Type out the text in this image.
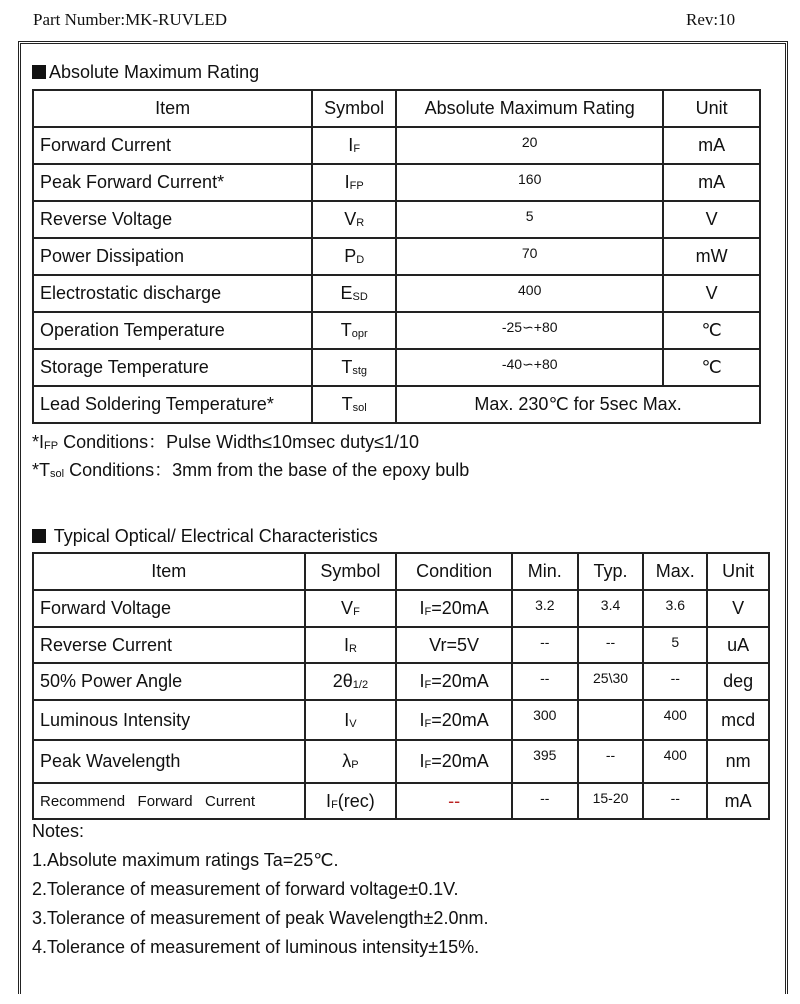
Part Number:MK-RUVLED	Rev:10
Absolute Maximum Rating
Item	Symbol	Absolute Maximum Rating	Unit
Forward Current	$I_F$	20	mA
Peak Forward Current*	$I_{FP}$	160	mA
Reverse Voltage	$V_R$	5	V
Power Dissipation	$P_D$	70	mW
Electrostatic discharge	$E_{SD}$	400	V
Operation Temperature	$T_{opr}$	-25∽+80	℃
Storage Temperature	$T_{stg}$	-40∽+80	℃
Lead Soldering Temperature*	$T_{sol}$	Max. 230℃ for 5sec Max.	
$*I_{FP}$ Conditions：Pulse Width≤10msec duty≤1/10
$*T_{sol}$ Conditions：3mm from the base of the epoxy bulb
Typical Optical/ Electrical Characteristics
Item	Symbol	Condition	Min.	Typ.	Max.	Unit
Forward Voltage	$V_F$	$I_F=20mA$	3.2	3.4	3.6	V
Reverse Current	$I_R$	Vr=5V	--	--	5	uA
50% Power Angle	$2\theta_{1/2}$	$I_F=20mA$	--	25\30	--	deg
Luminous Intensity	$I_V$	$I_F=20mA$	300		400	mcd
Peak Wavelength	$\lambda_P$	$I_F=20mA$	395	--	400	nm
Recommend   Forward   Current	$I_F(rec)$	--	--	15-20	--	mA
Notes:
1.Absolute maximum ratings Ta=25℃.
2.Tolerance of measurement of forward voltage±0.1V.
3.Tolerance of measurement of peak Wavelength±2.0nm.
4.Tolerance of measurement of luminous intensity±15%.
